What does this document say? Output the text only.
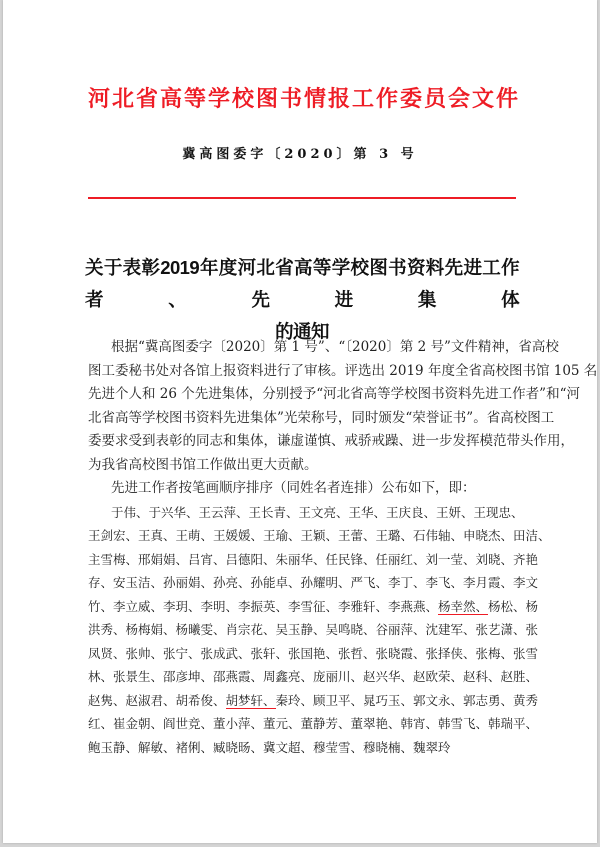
河北省高等学校图书情报工作委员会文件
冀高图委字〔2020〕第 3 号
关于表彰2019年度河北省高等学校图书资料先进工作者、先进集体
的通知
根据“冀高图委字〔2020〕第 1 号”、“〔2020〕第 2 号”文件精神，省高校
图工委秘书处对各馆上报资料进行了审核。评选出 2019 年度全省高校图书馆 105 名
先进个人和 26 个先进集体，分别授予“河北省高等学校图书资料先进工作者”和“河
北省高等学校图书资料先进集体”光荣称号，同时颁发“荣誉证书”。省高校图工
委要求受到表彰的同志和集体，谦虚谨慎、戒骄戒躁、进一步发挥模范带头作用，
为我省高校图书馆工作做出更大贡献。
先进工作者按笔画顺序排序（同姓名者连排）公布如下，即：
于伟、于兴华、王云萍、王长青、王文亮、王华、王庆良、王妍、王现忠、
王剑宏、王真、王萌、王媛媛、王瑜、王颖、王蕾、王璐、石伟轴、申晓杰、田洁、
主雪梅、邢娟娟、吕宵、吕德阳、朱丽华、任民锋、任丽红、刘一莹、刘晓、齐艳
存、安玉洁、孙丽娟、孙亮、孙能卓、孙耀明、严飞、李丁、李飞、李月霞、李文
竹、李立威、李玥、李明、李振英、李雪征、李雅轩、李燕燕、杨幸然、杨松、杨
洪秀、杨梅娟、杨曦雯、肖宗花、吴玉静、吴鸣晓、谷丽萍、沈建军、张艺潇、张
凤贤、张帅、张宁、张成武、张轩、张国艳、张哲、张晓霞、张择侠、张梅、张雪
林、张景生、邵彦坤、邵燕霞、周鑫亮、庞丽川、赵兴华、赵欧荣、赵科、赵胜、
赵隽、赵淑君、胡希俊、胡梦轩、秦玲、顾卫平、晁巧玉、郭文永、郭志勇、黄秀
红、崔金朝、阎世竞、董小萍、董元、董静芳、董翠艳、韩宵、韩雪飞、韩瑞平、
鲍玉静、解敏、褚俐、臧晓旸、冀文超、穆莹雪、穆晓楠、魏翠玲
